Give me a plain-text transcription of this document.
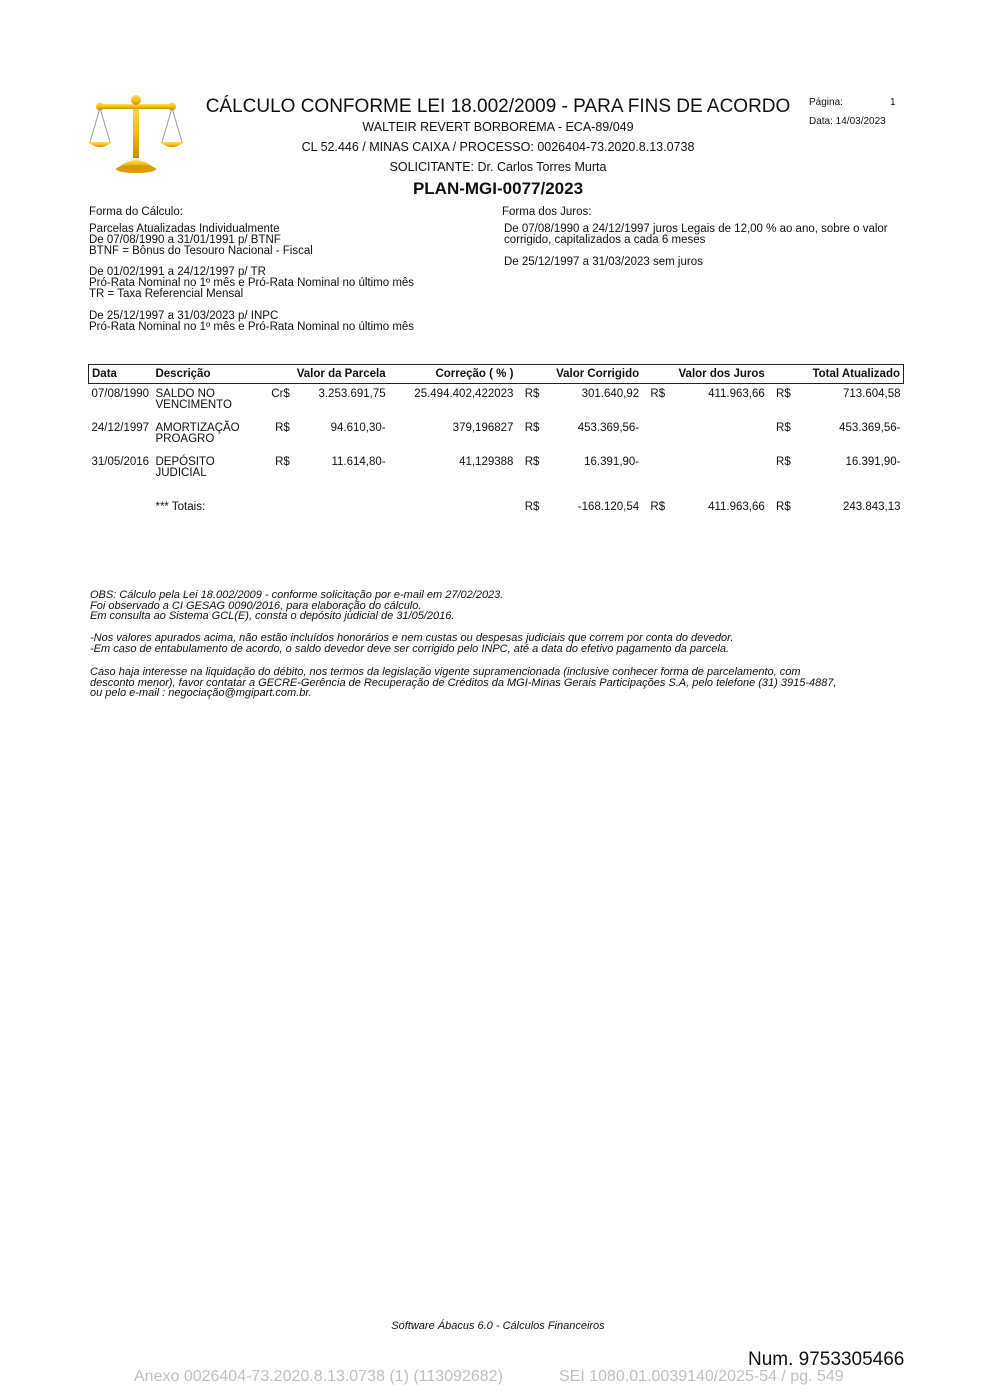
CÁLCULO CONFORME LEI 18.002/2009 - PARA FINS DE ACORDO
WALTEIR REVERT BORBOREMA - ECA-89/049
CL 52.446 / MINAS CAIXA / PROCESSO: 0026404-73.2020.8.13.0738
SOLICITANTE: Dr. Carlos Torres Murta
PLAN-MGI-0077/2023
Página:	1
Data: 14/03/2023
Forma do Cálculo:
Parcelas Atualizadas Individualmente
De 07/08/1990 a 31/01/1991 p/ BTNF
BTNF = Bônus do Tesouro Nacional - Fiscal
De 01/02/1991 a 24/12/1997 p/ TR
Pró-Rata Nominal no 1º mês e Pró-Rata Nominal no último mês
TR = Taxa Referencial Mensal
De 25/12/1997 a 31/03/2023 p/ INPC
Pró-Rata Nominal no 1º mês e Pró-Rata Nominal no último mês
Forma dos Juros:
De 07/08/1990 a 24/12/1997 juros Legais de 12,00 % ao ano, sobre o valor
corrigido, capitalizados a cada 6 meses
De 25/12/1997 a 31/03/2023 sem juros
Data	Descrição	Valor da Parcela		Correção ( % )	Valor Corrigido		Valor dos Juros		Total Atualizado	
07/08/1990	SALDO NO
VENCIMENTO	Cr$	3.253.691,75	25.494.402,422023	R$	301.640,92	R$	411.963,66	R$	713.604,58
24/12/1997	AMORTIZAÇÃO
PROAGRO	R$	94.610,30-	379,196827	R$	453.369,56-			R$	453.369,56-
31/05/2016	DEPÓSITO
JUDICIAL	R$	11.614,80-	41,129388	R$	16.391,90-			R$	16.391,90-
	*** Totais:				R$	-168.120,54	R$	411.963,66	R$	243.843,13
OBS: Cálculo pela Lei 18.002/2009 - conforme solicitação por e-mail em 27/02/2023.
Foi observado a CI GESAG 0090/2016, para elaboração do cálculo.
Em consulta ao Sistema GCL(E), consta o depósito judicial de 31/05/2016.
-Nos valores apurados acima, não estão incluídos honorários e nem custas ou despesas judiciais que correm por conta do devedor.
-Em caso de entabulamento de acordo, o saldo devedor deve ser corrigido pelo INPC, até a data do efetivo pagamento da parcela.
Caso haja interesse na liquidação do débito, nos termos da legislação vigente supramencionada (inclusive conhecer forma de parcelamento, com
desconto menor), favor contatar a GECRE-Gerência de Recuperação de Créditos da MGI-Minas Gerais Participações S.A, pelo telefone (31) 3915-4887,
ou pelo e-mail : negociação@mgipart.com.br.
Software Ábacus 6.0 - Cálculos Financeiros
Num. 9753305466
Anexo 0026404-73.2020.8.13.0738 (1) (113092682)	SEI 1080.01.0039140/2025-54 / pg. 549
